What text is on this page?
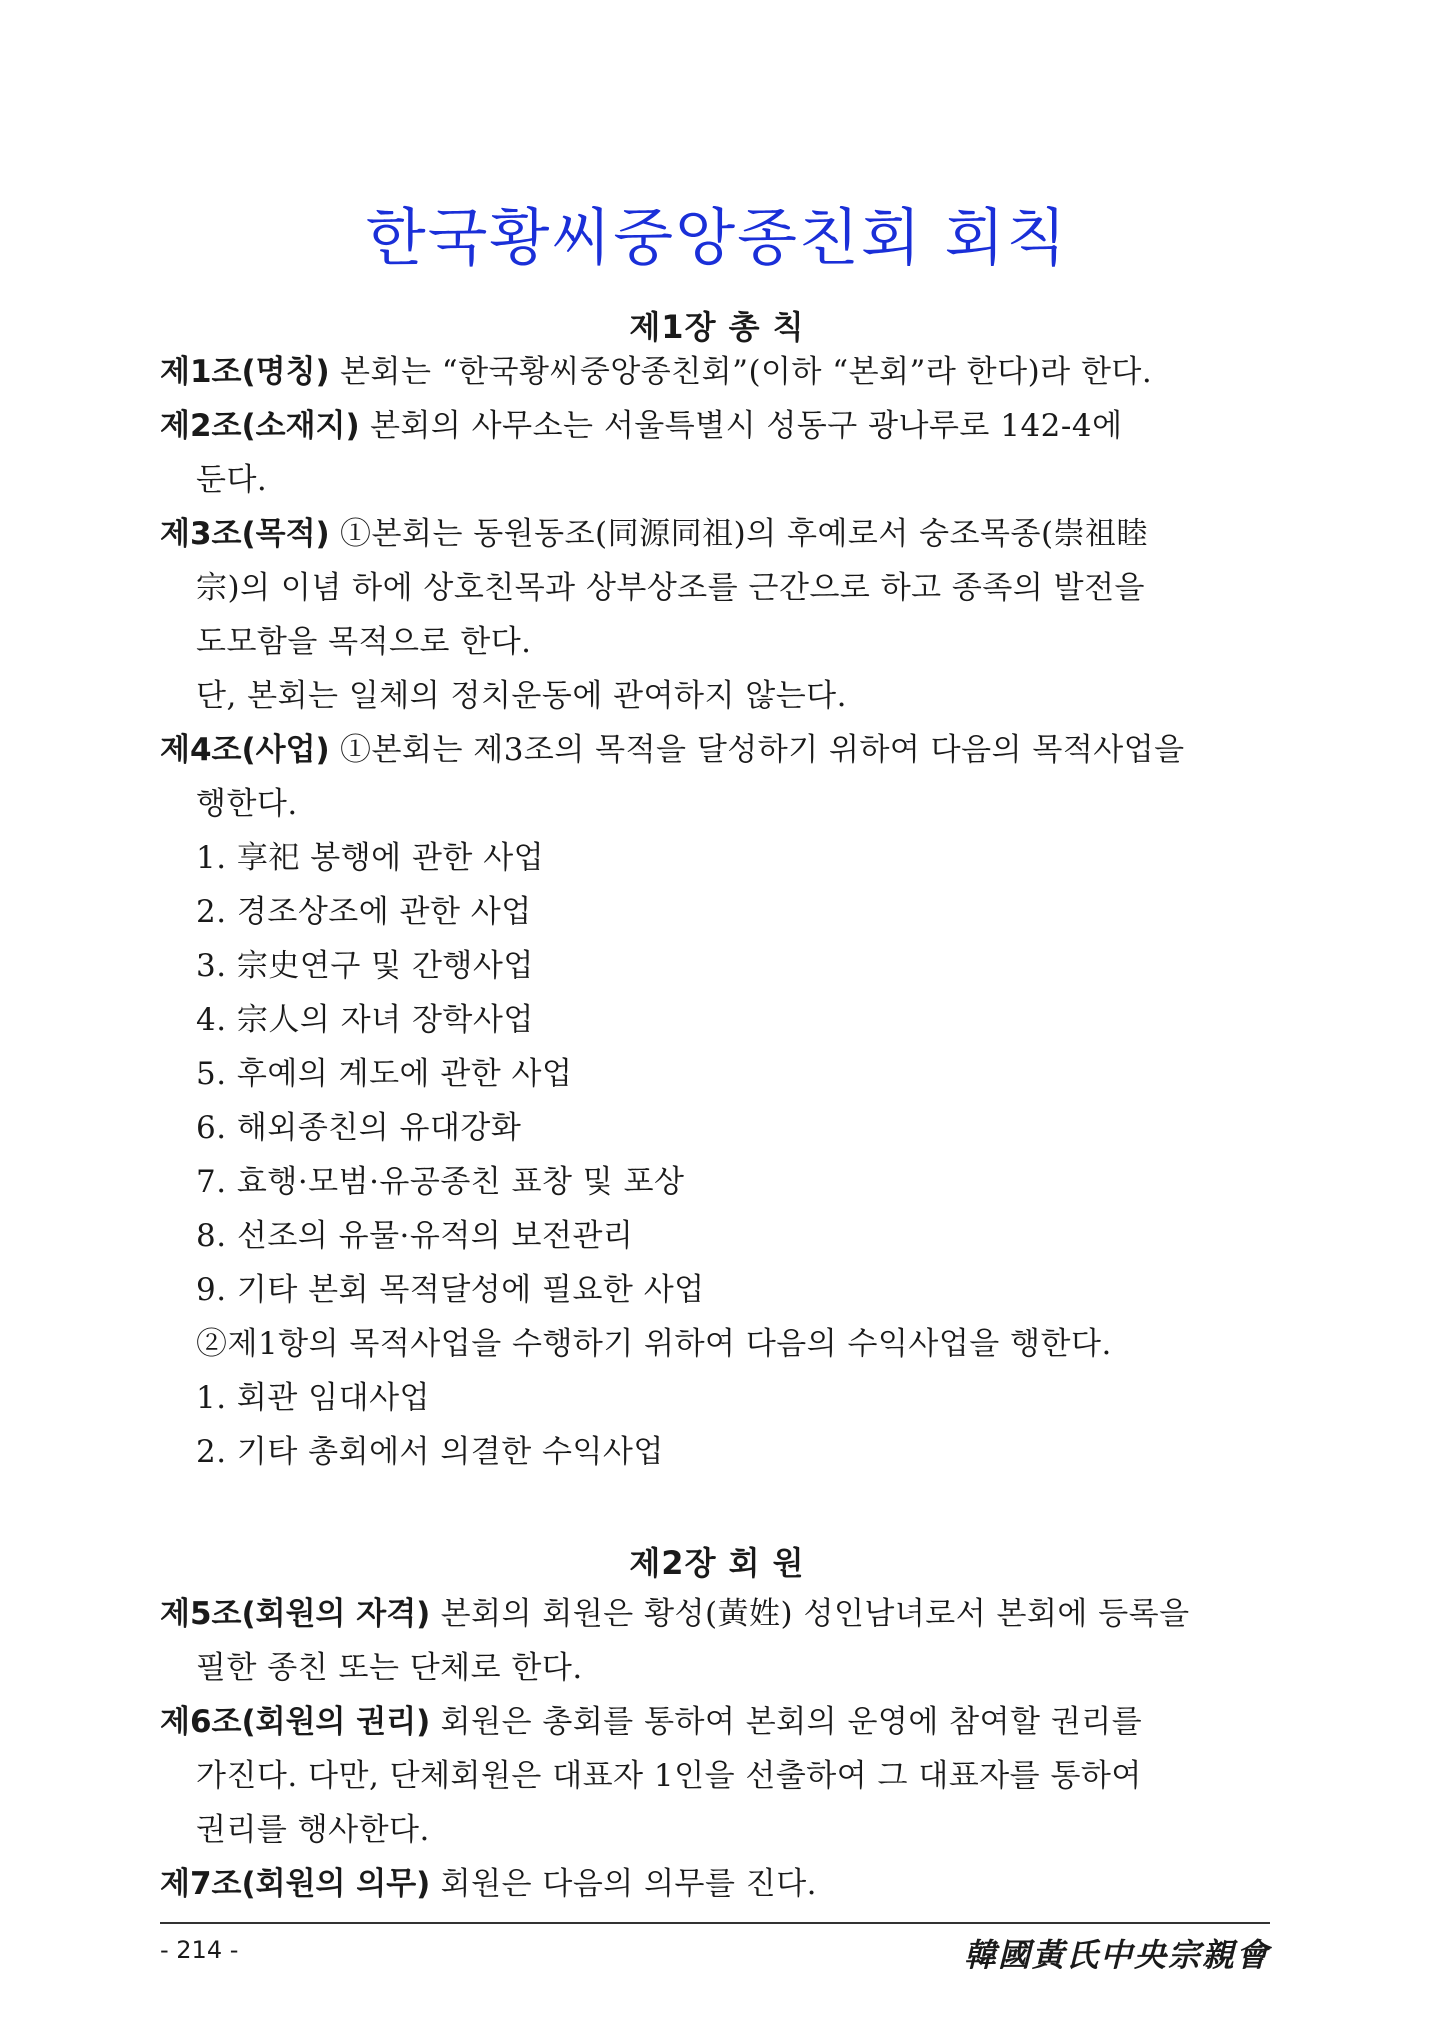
한국황씨중앙종친회 회칙
제1장 총 칙
제1조(명칭) 본회는 “한국황씨중앙종친회”(이하 “본회”라 한다)라 한다.
제2조(소재지) 본회의 사무소는 서울특별시 성동구 광나루로 142-4에
둔다.
제3조(목적) ①본회는 동원동조(同源同祖)의 후예로서 숭조목종(崇祖睦
宗)의 이념 하에 상호친목과 상부상조를 근간으로 하고 종족의 발전을
도모함을 목적으로 한다.
단, 본회는 일체의 정치운동에 관여하지 않는다.
제4조(사업) ①본회는 제3조의 목적을 달성하기 위하여 다음의 목적사업을
행한다.
1. 享祀 봉행에 관한 사업
2. 경조상조에 관한 사업
3. 宗史연구 및 간행사업
4. 宗人의 자녀 장학사업
5. 후예의 계도에 관한 사업
6. 해외종친의 유대강화
7. 효행·모범·유공종친 표창 및 포상
8. 선조의 유물·유적의 보전관리
9. 기타 본회 목적달성에 필요한 사업
②제1항의 목적사업을 수행하기 위하여 다음의 수익사업을 행한다.
1. 회관 임대사업
2. 기타 총회에서 의결한 수익사업
제2장 회 원
제5조(회원의 자격) 본회의 회원은 황성(黃姓) 성인남녀로서 본회에 등록을
필한 종친 또는 단체로 한다.
제6조(회원의 권리) 회원은 총회를 통하여 본회의 운영에 참여할 권리를
가진다. 다만, 단체회원은 대표자 1인을 선출하여 그 대표자를 통하여
권리를 행사한다.
제7조(회원의 의무) 회원은 다음의 의무를 진다.
- 214 -	韓國黃氏中央宗親會
